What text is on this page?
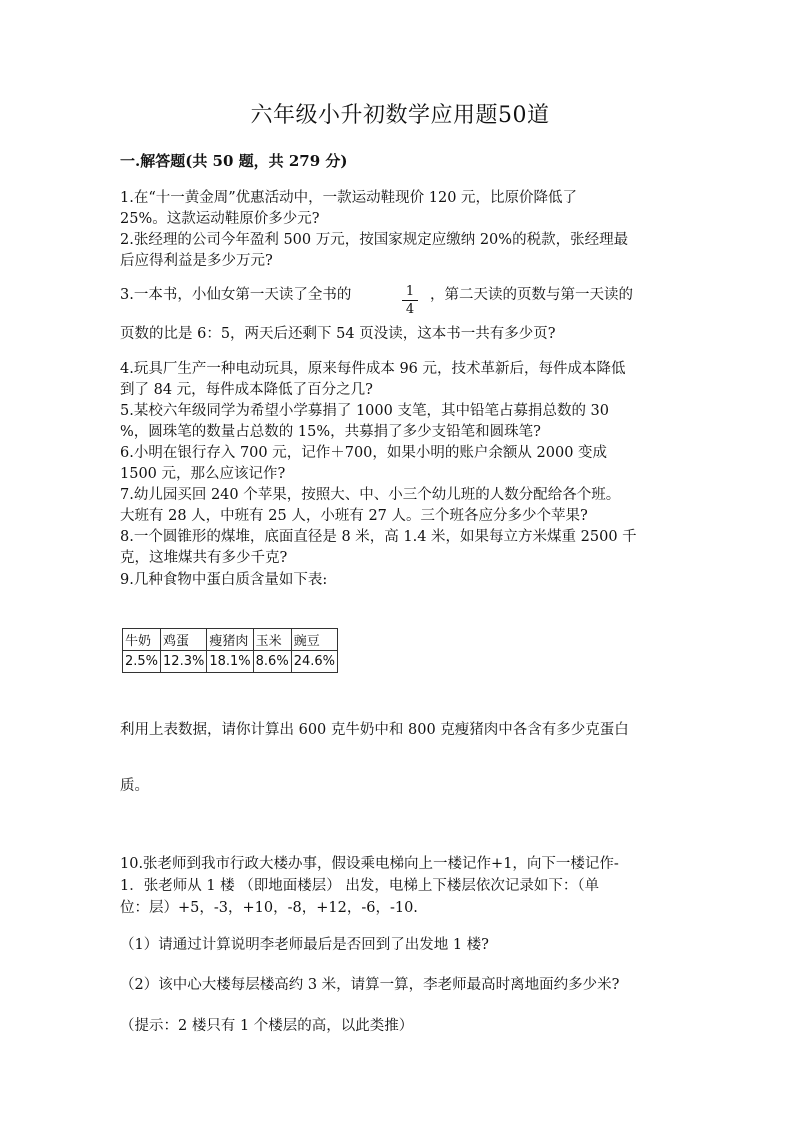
六年级小升初数学应用题50道
一.解答题(共 50 题，共 279 分)
1.在“十一黄金周”优惠活动中，一款运动鞋现价 120 元，比原价降低了
25%。这款运动鞋原价多少元?
2.张经理的公司今年盈利 500 万元，按国家规定应缴纳 20%的税款，张经理最
后应得利益是多少万元?
3.一本书，小仙女第一天读了全书的	$\frac{1}{4}$ ，第二天读的页数与第一天读的
页数的比是 6：5，两天后还剩下 54 页没读，这本书一共有多少页?
4.玩具厂生产一种电动玩具，原来每件成本 96 元，技术革新后，每件成本降低
到了 84 元，每件成本降低了百分之几?
5.某校六年级同学为希望小学募捐了 1000 支笔，其中铅笔占募捐总数的 30
%，圆珠笔的数量占总数的 15%，共募捐了多少支铅笔和圆珠笔?
6.小明在银行存入 700 元，记作＋700，如果小明的账户余额从 2000 变成
1500 元，那么应该记作?
7.幼儿园买回 240 个苹果，按照大、中、小三个幼儿班的人数分配给各个班。
大班有 28 人，中班有 25 人，小班有 27 人。三个班各应分多少个苹果?
8.一个圆锥形的煤堆，底面直径是 8 米，高 1.4 米，如果每立方米煤重 2500 千
克，这堆煤共有多少千克?
9.几种食物中蛋白质含量如下表:
牛奶	鸡蛋	瘦猪肉	玉米	豌豆
2.5%	12.3%	18.1%	8.6%	24.6%
利用上表数据，请你计算出 600 克牛奶中和 800 克瘦猪肉中各含有多少克蛋白
质。
10.张老师到我市行政大楼办事，假设乘电梯向上一楼记作+1，向下一楼记作-
1．张老师从 1 楼 （即地面楼层） 出发，电梯上下楼层依次记录如下：（单
位：层）+5，-3，+10，-8，+12，-6，-10.
（1）请通过计算说明李老师最后是否回到了出发地 1 楼?
（2）该中心大楼每层楼高约 3 米，请算一算，李老师最高时离地面约多少米?
（提示：2 楼只有 1 个楼层的高，以此类推）
